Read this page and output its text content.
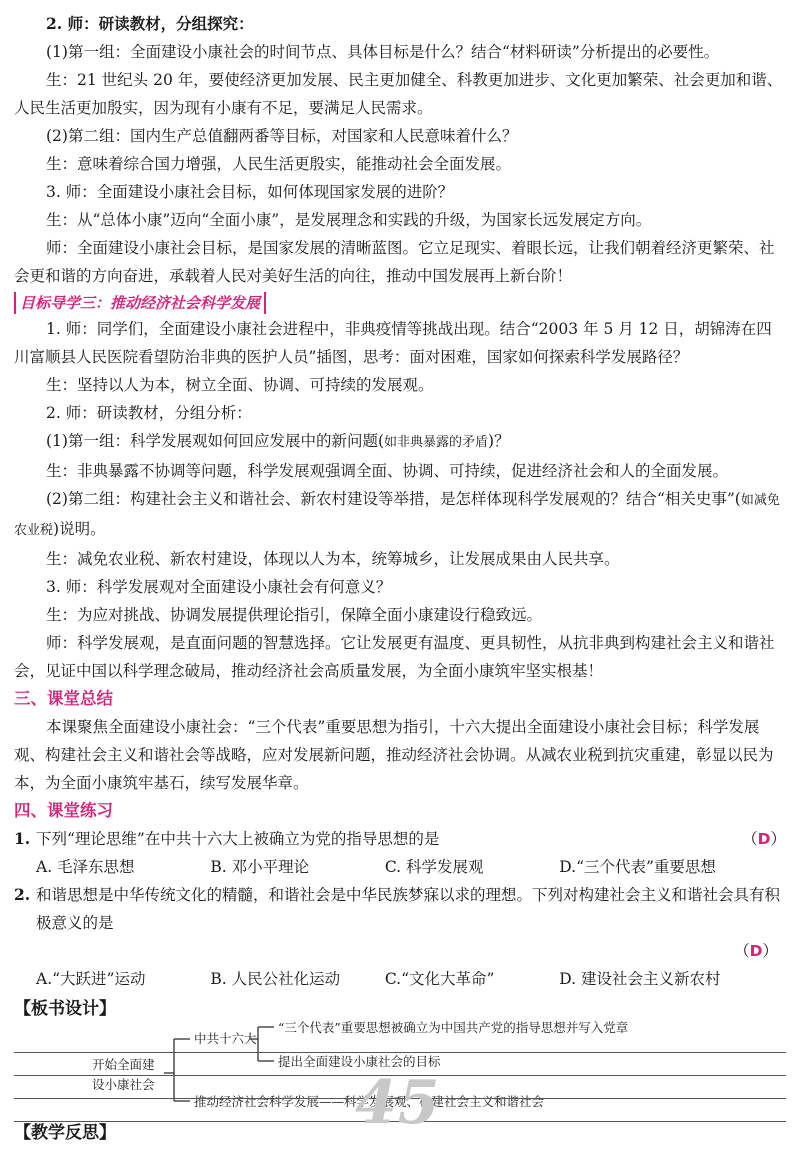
2. 师：研读教材，分组探究：

(1)第一组：全面建设小康社会的时间节点、具体目标是什么？结合“材料研读”分析提出的必要性。

生：21 世纪头 20 年，要使经济更加发展、民主更加健全、科教更加进步、文化更加繁荣、社会更加和谐、人民生活更加殷实，因为现有小康有不足，要满足人民需求。

(2)第二组：国内生产总值翻两番等目标，对国家和人民意味着什么？

生：意味着综合国力增强，人民生活更殷实，能推动社会全面发展。

3. 师：全面建设小康社会目标，如何体现国家发展的进阶？

生：从“总体小康”迈向“全面小康”，是发展理念和实践的升级，为国家长远发展定方向。

师：全面建设小康社会目标，是国家发展的清晰蓝图。它立足现实、着眼长远，让我们朝着经济更繁荣、社会更和谐的方向奋进，承载着人民对美好生活的向往，推动中国发展再上新台阶！

目标导学三：推动经济社会科学发展

1. 师：同学们，全面建设小康社会进程中，非典疫情等挑战出现。结合“2003 年 5 月 12 日，胡锦涛在四川富顺县人民医院看望防治非典的医护人员”插图，思考：面对困难，国家如何探索科学发展路径？

生：坚持以人为本，树立全面、协调、可持续的发展观。

2. 师：研读教材，分组分析：

(1)第一组：科学发展观如何回应发展中的新问题(如非典暴露的矛盾)？

生：非典暴露不协调等问题，科学发展观强调全面、协调、可持续，促进经济社会和人的全面发展。

(2)第二组：构建社会主义和谐社会、新农村建设等举措，是怎样体现科学发展观的？结合“相关史事”(如减免农业税)说明。

生：减免农业税、新农村建设，体现以人为本，统筹城乡，让发展成果由人民共享。

3. 师：科学发展观对全面建设小康社会有何意义？

生：为应对挑战、协调发展提供理论指引，保障全面小康建设行稳致远。

师：科学发展观，是直面问题的智慧选择。它让发展更有温度、更具韧性，从抗非典到构建社会主义和谐社会，见证中国以科学理念破局，推动经济社会高质量发展，为全面小康筑牢坚实根基！

三、课堂总结

本课聚焦全面建设小康社会：“三个代表”重要思想为指引，十六大提出全面建设小康社会目标；科学发展观、构建社会主义和谐社会等战略，应对发展新问题，推动经济社会协调。从减农业税到抗灾重建，彰显以民为本，为全面小康筑牢基石，续写发展华章。

四、课堂练习

1. 下列“理论思维”在中共十六大上被确立为党的指导思想的是	（D）
A. 毛泽东思想	B. 邓小平理论	C. 科学发展观	D.“三个代表”重要思想
2. 和谐思想是中华传统文化的精髓，和谐社会是中华民族梦寐以求的理想。下列对构建社会主义和谐社会具有积极意义的是
（D）
A.“大跃进”运动	B. 人民公社化运动	C.“文化大革命”	D. 建设社会主义新农村

【板书设计】

开始全面建
设小康社会
中共十六大
“三个代表”重要思想被确立为中国共产党的指导思想并写入党章
提出全面建设小康社会的目标
推动经济社会科学发展——科学发展观、构建社会主义和谐社会

【教学反思】	45
